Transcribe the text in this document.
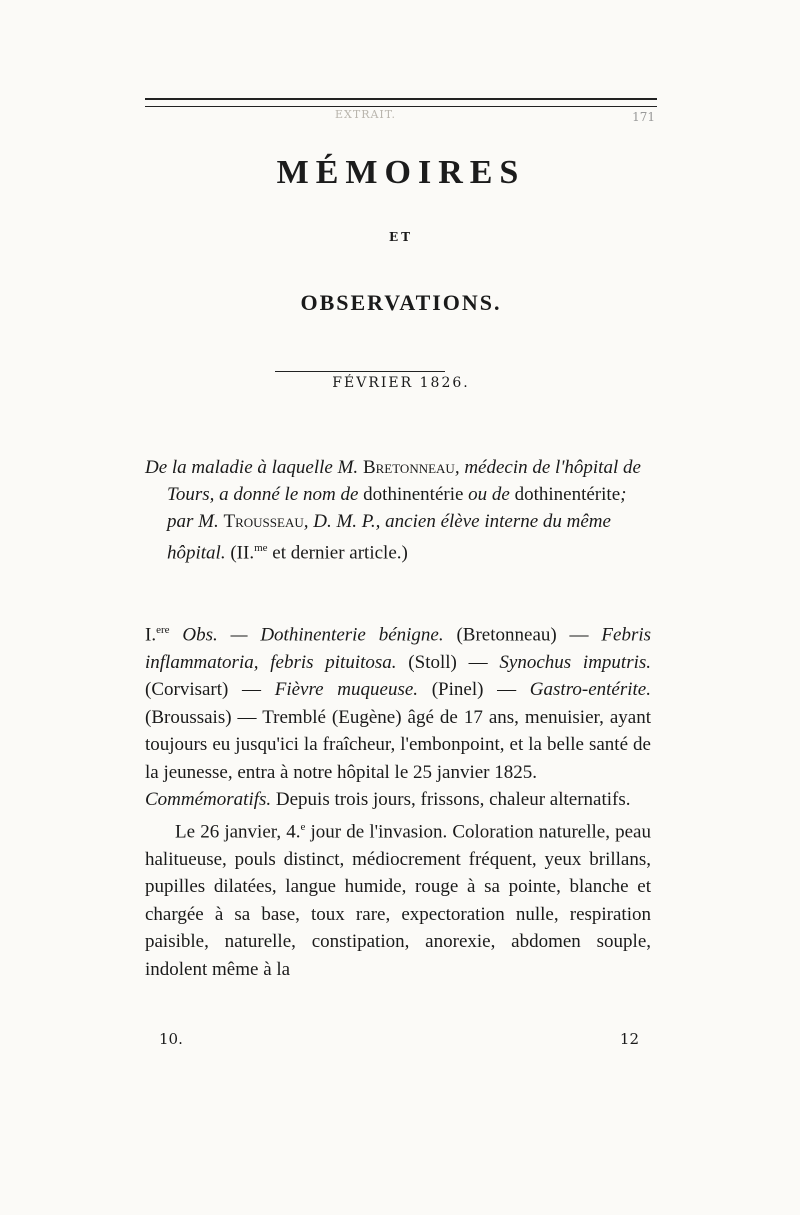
EXTRAIT.	171
MÉMOIRES
ET
OBSERVATIONS.
FÉVRIER 1826.
De la maladie à laquelle M. Bretonneau, médecin de l'hôpital de Tours, a donné le nom de dothinentérie ou de dothinentérite; par M. Trousseau, D. M. P., ancien élève interne du même hôpital. (II.$^{me}$ et dernier article.)

I.$^{ere}$ Obs. — Dothinenterie bénigne. (Bretonneau) — Febris inflammatoria, febris pituitosa. (Stoll) — Synochus imputris. (Corvisart) — Fièvre muqueuse. (Pinel) — Gastro-entérite. (Broussais) — Tremblé (Eugène) âgé de 17 ans, menuisier, ayant toujours eu jusqu'ici la fraîcheur, l'embonpoint, et la belle santé de la jeunesse, entra à notre hôpital le 25 janvier 1825.

Commémoratifs. Depuis trois jours, frissons, chaleur alternatifs.

Le 26 janvier, 4.$^e$ jour de l'invasion. Coloration naturelle, peau halitueuse, pouls distinct, médiocrement fréquent, yeux brillans, pupilles dilatées, langue humide, rouge à sa pointe, blanche et chargée à sa base, toux rare, expectoration nulle, respiration paisible, naturelle, constipation, anorexie, abdomen souple, indolent même à la

10.	12
